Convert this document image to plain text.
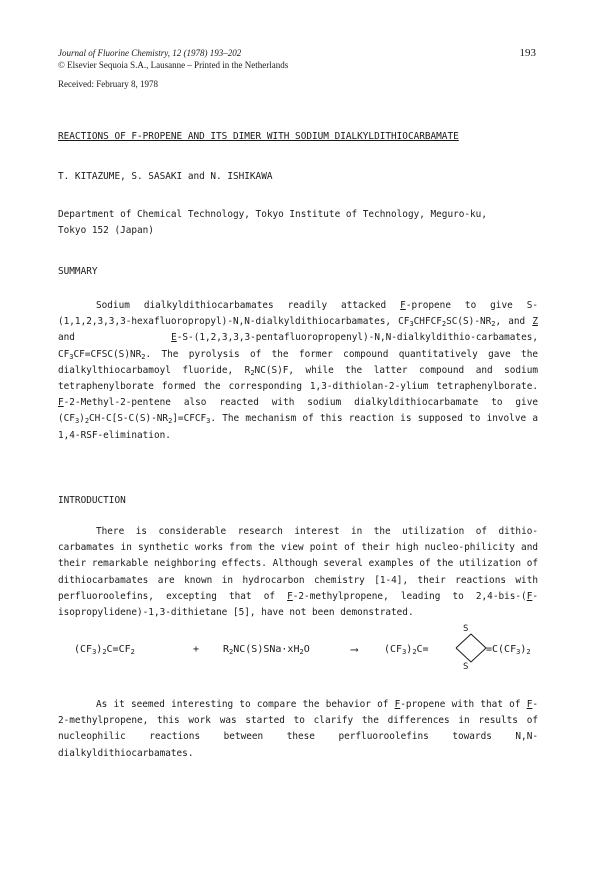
Journal of Fluorine Chemistry, 12 (1978) 193–202
© Elsevier Sequoia S.A., Lausanne – Printed in the Netherlands
Received: February 8, 1978
193
REACTIONS OF F-PROPENE AND ITS DIMER WITH SODIUM DIALKYLDITHIOCARBAMATE
T. KITAZUME, S. SASAKI and N. ISHIKAWA
Department of Chemical Technology, Tokyo Institute of Technology, Meguro-ku,
Tokyo 152 (Japan)
SUMMARY
Sodium dialkyldithiocarbamates readily attacked F-propene to give S-(1,1,2,3,3,3-hexafluoropropyl)-N,N-dialkyldithiocarbamates, $CF_3CHFCF_2SC(S)-NR_2$, and Z and E-S-(1,2,3,3,3-pentafluoropropenyl)-N,N-dialkyldithio-carbamates, $CF_3CF=CFSC(S)NR_2$. The pyrolysis of the former compound quantitatively gave the dialkylthiocarbamoyl fluoride, $R_2NC(S)F$, while the latter compound and sodium tetraphenylborate formed the corresponding 1,3-dithiolan-2-ylium tetraphenylborate. F-2-Methyl-2-pentene also reacted with sodium dialkyldithiocarbamate to give $(CF_3)_2CH-C[S-C(S)-NR_2]=CFCF_3$. The mechanism of this reaction is supposed to involve a 1,4-RSF-elimination.
INTRODUCTION
There is considerable research interest in the utilization of dithio-carbamates in synthetic works from the view point of their high nucleo-philicity and their remarkable neighboring effects. Although several examples of the utilization of dithiocarbamates are known in hydrocarbon chemistry [1-4], their reactions with perfluoroolefins, excepting that of F-2-methylpropene, leading to 2,4-bis-(F-isopropylidene)-1,3-dithietane [5], have not been demonstrated.
$(CF_3)_2C=CF_2$	+ $R_2NC(S)SNa\cdot xH_2O$	⟶	$(CF_3)_2C=$
S
S
$=C(CF_3)_2$
As it seemed interesting to compare the behavior of F-propene with that of F-2-methylpropene, this work was started to clarify the differences in results of nucleophilic reactions between these perfluoroolefins towards N,N-dialkyldithiocarbamates.
